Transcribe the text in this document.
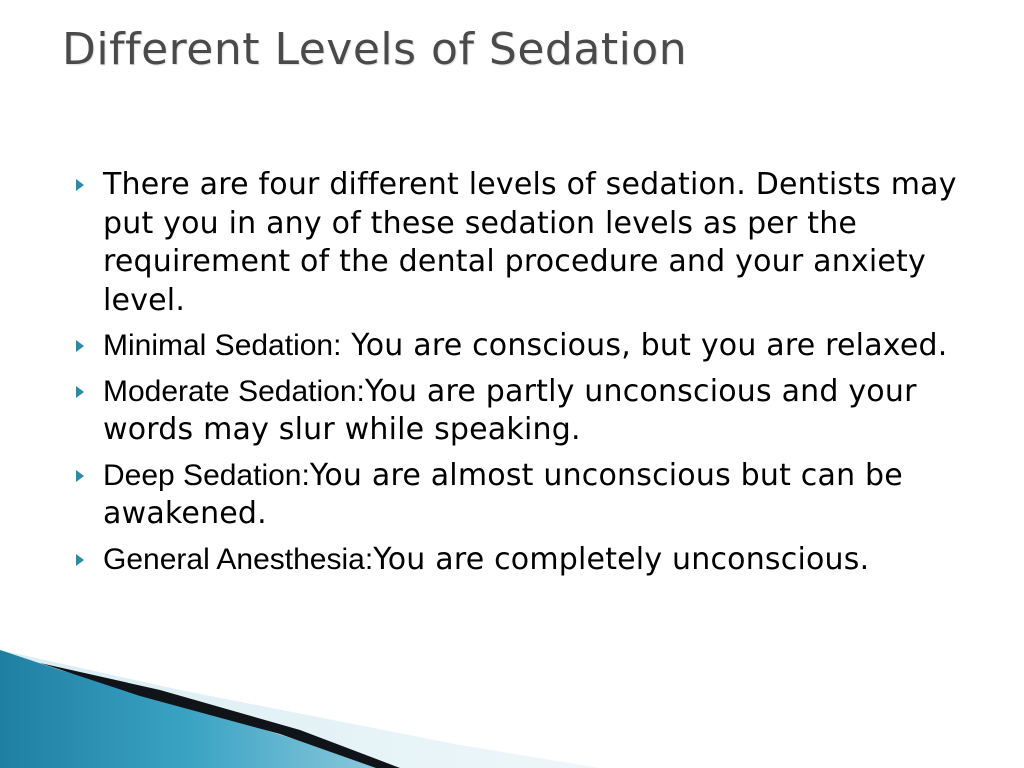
Different Levels of Sedation
There are four different levels of sedation. Dentists may put you in any of these sedation levels as per the requirement of the dental procedure and your anxiety level.
Minimal Sedation: You are conscious, but you are relaxed.
Moderate Sedation:You are partly unconscious and your words may slur while speaking.
Deep Sedation:You are almost unconscious but can be awakened.
General Anesthesia:You are completely unconscious.
